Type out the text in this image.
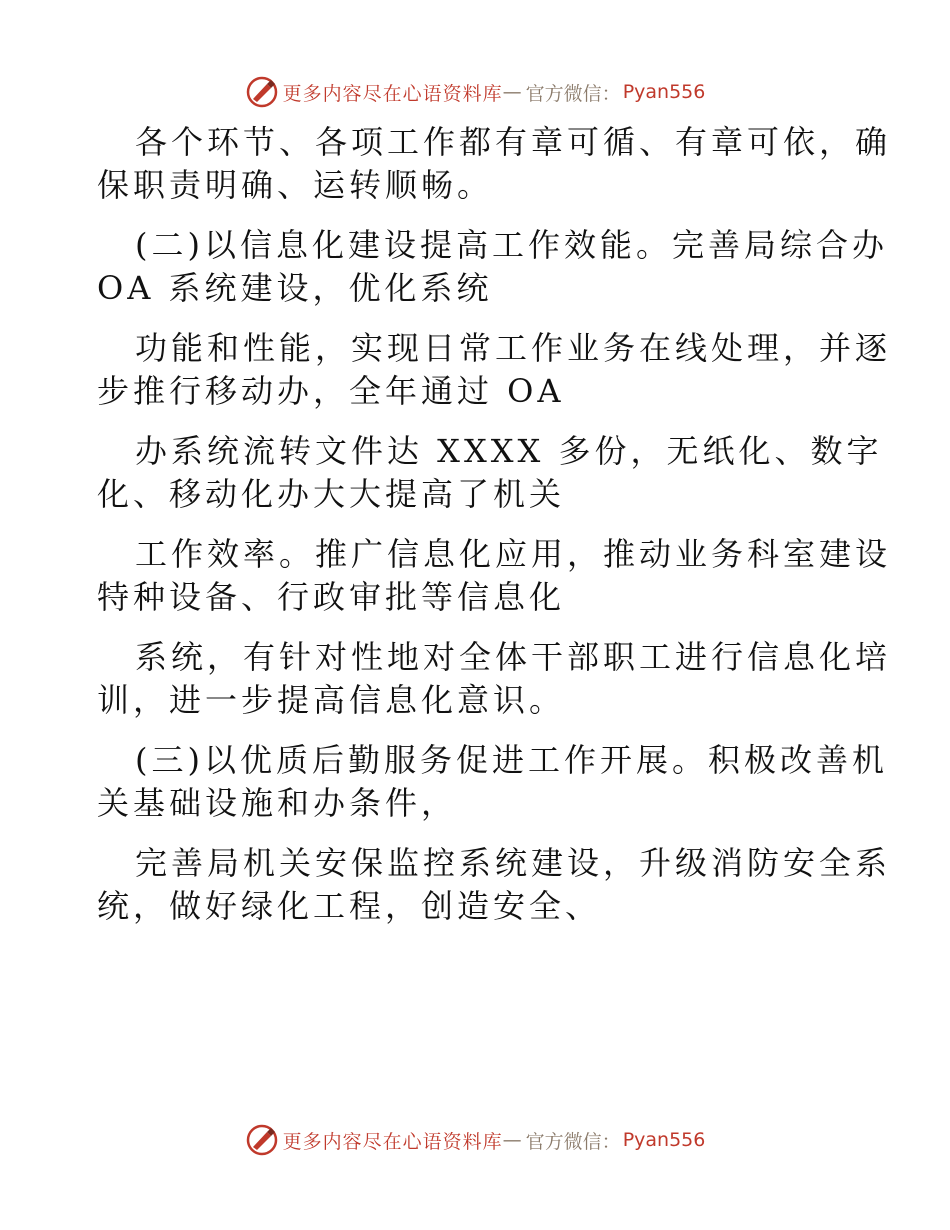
更多内容尽在心语资料库 — 官方微信： Pyan556
各个环节、各项工作都有章可循、有章可依，确
保职责明确、运转顺畅。
(二)以信息化建设提高工作效能。完善局综合办
OA 系统建设，优化系统
功能和性能，实现日常工作业务在线处理，并逐
步推行移动办，全年通过 OA
办系统流转文件达 XXXX 多份，无纸化、数字
化、移动化办大大提高了机关
工作效率。推广信息化应用，推动业务科室建设
特种设备、行政审批等信息化
系统，有针对性地对全体干部职工进行信息化培
训，进一步提高信息化意识。
(三)以优质后勤服务促进工作开展。积极改善机
关基础设施和办条件，
完善局机关安保监控系统建设，升级消防安全系
统，做好绿化工程，创造安全、
更多内容尽在心语资料库 — 官方微信： Pyan556
